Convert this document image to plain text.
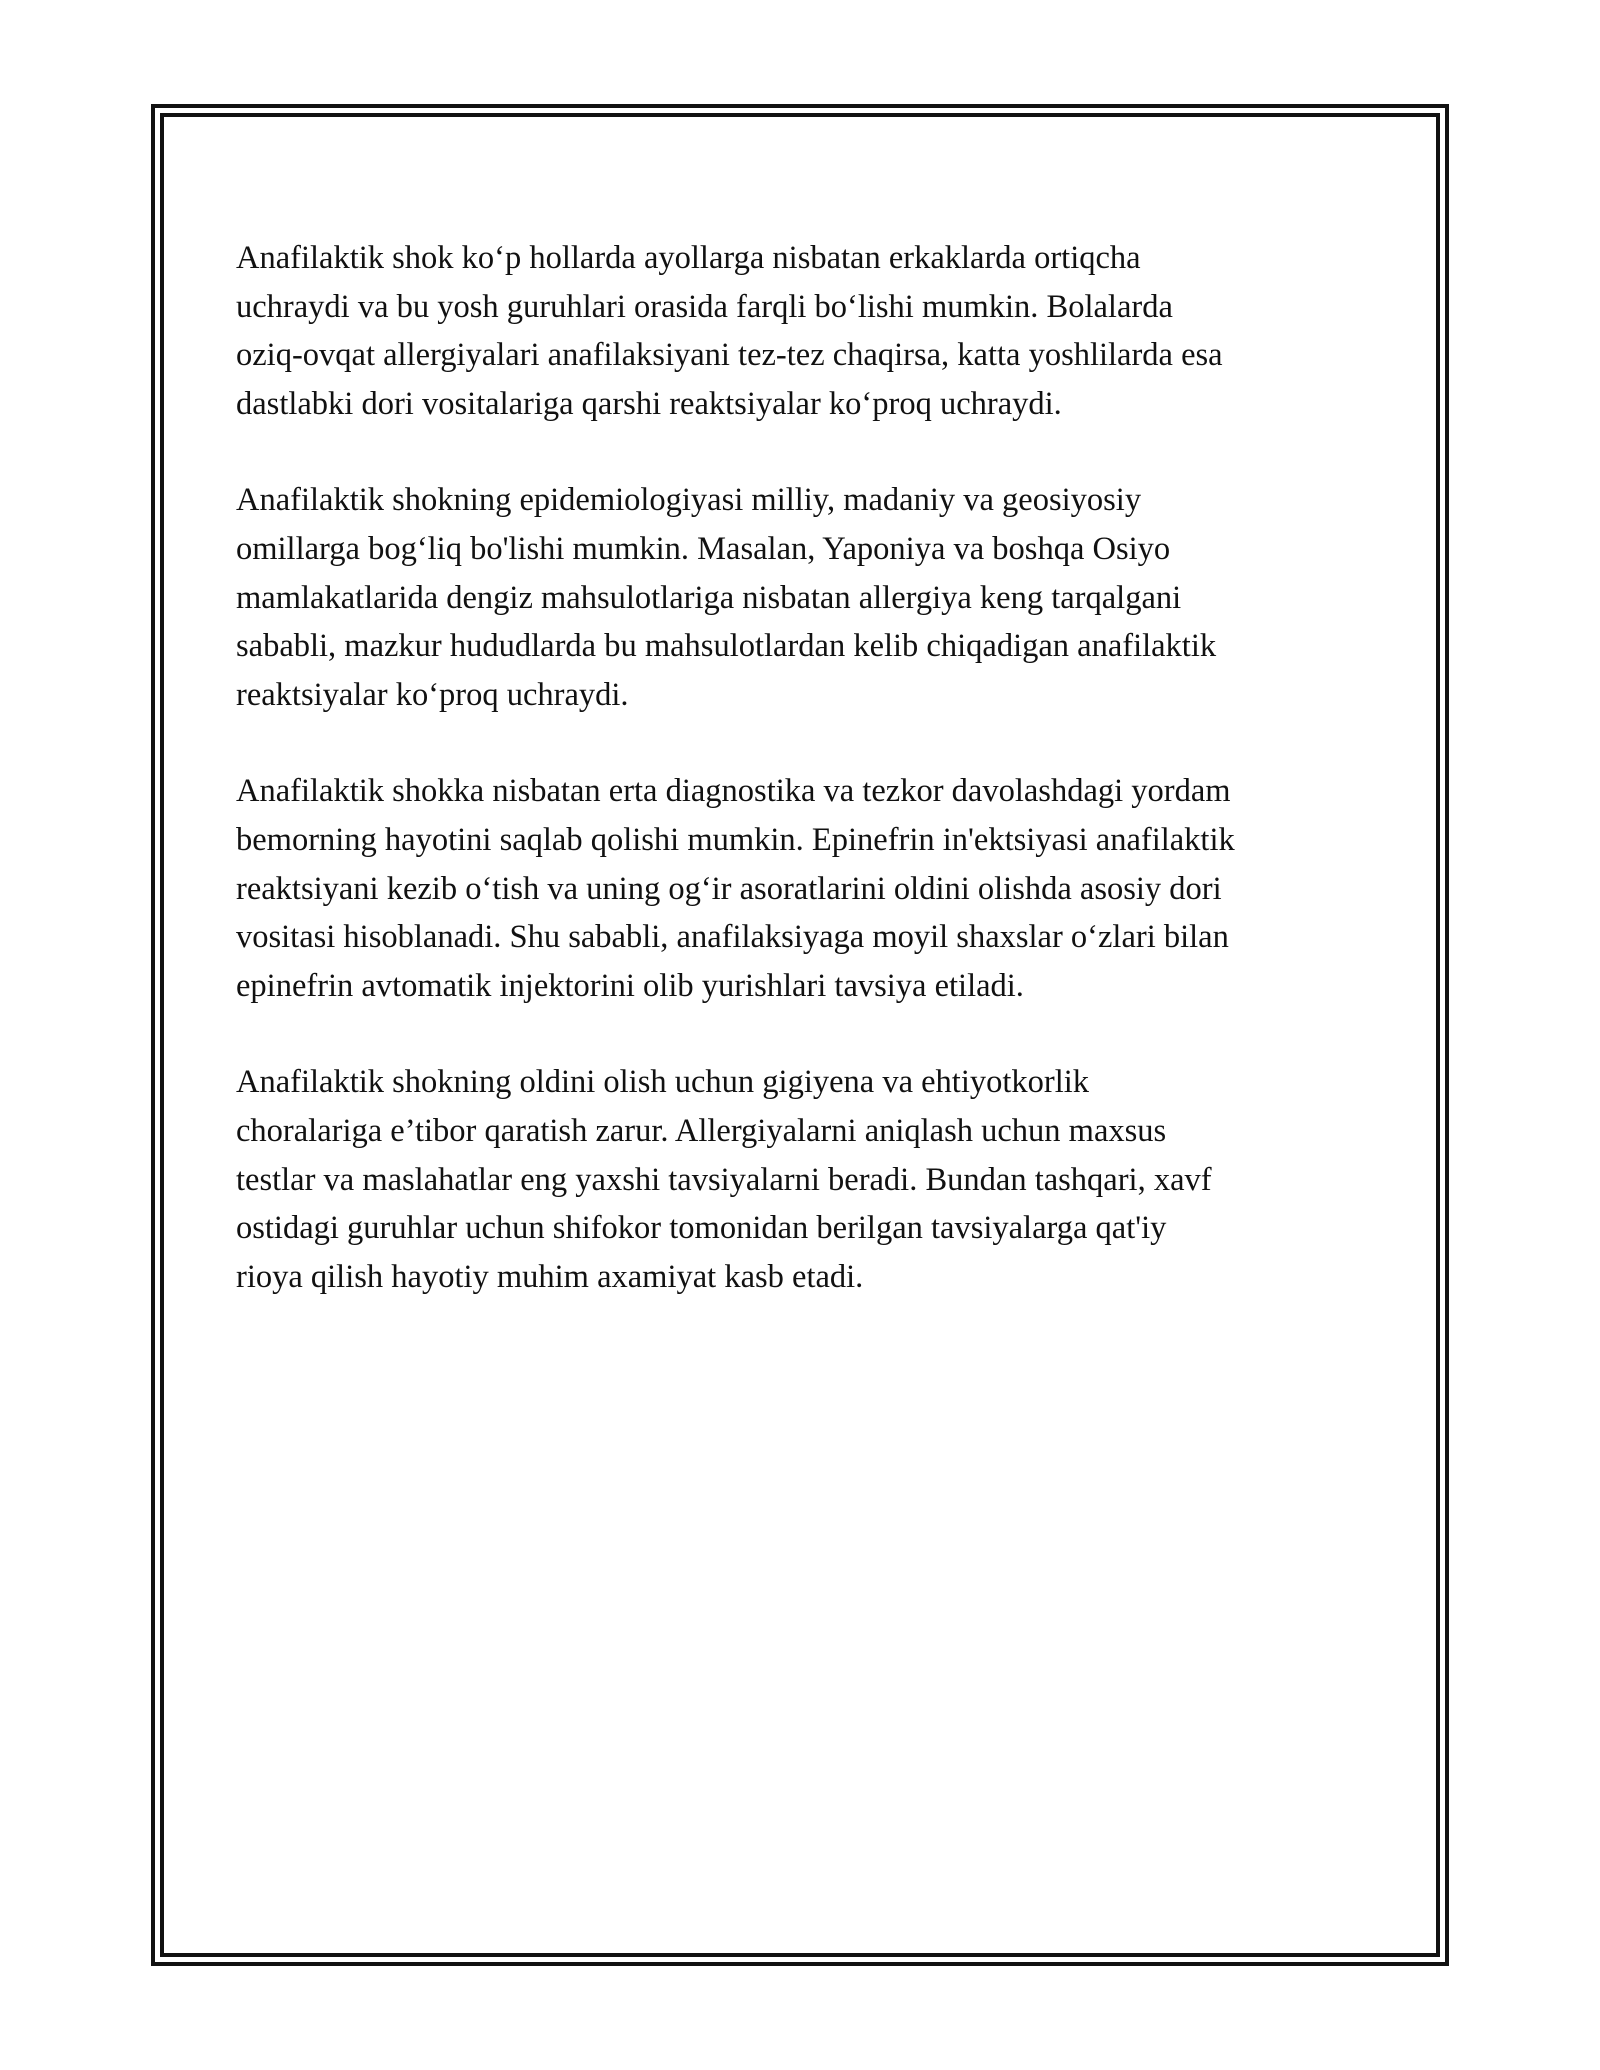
Anafilaktik shok ko‘p hollarda ayollarga nisbatan erkaklarda ortiqcha
uchraydi va bu yosh guruhlari orasida farqli bo‘lishi mumkin. Bolalarda
oziq-ovqat allergiyalari anafilaksiyani tez-tez chaqirsa, katta yoshlilarda esa
dastlabki dori vositalariga qarshi reaktsiyalar ko‘proq uchraydi.

Anafilaktik shokning epidemiologiyasi milliy, madaniy va geosiyosiy
omillarga bog‘liq bo'lishi mumkin. Masalan, Yaponiya va boshqa Osiyo
mamlakatlarida dengiz mahsulotlariga nisbatan allergiya keng tarqalgani
sababli, mazkur hududlarda bu mahsulotlardan kelib chiqadigan anafilaktik
reaktsiyalar ko‘proq uchraydi.

Anafilaktik shokka nisbatan erta diagnostika va tezkor davolashdagi yordam
bemorning hayotini saqlab qolishi mumkin. Epinefrin in'ektsiyasi anafilaktik
reaktsiyani kezib o‘tish va uning og‘ir asoratlarini oldini olishda asosiy dori
vositasi hisoblanadi. Shu sababli, anafilaksiyaga moyil shaxslar o‘zlari bilan
epinefrin avtomatik injektorini olib yurishlari tavsiya etiladi.

Anafilaktik shokning oldini olish uchun gigiyena va ehtiyotkorlik
choralariga e’tibor qaratish zarur. Allergiyalarni aniqlash uchun maxsus
testlar va maslahatlar eng yaxshi tavsiyalarni beradi. Bundan tashqari, xavf
ostidagi guruhlar uchun shifokor tomonidan berilgan tavsiyalarga qat'iy
rioya qilish hayotiy muhim axamiyat kasb etadi.
